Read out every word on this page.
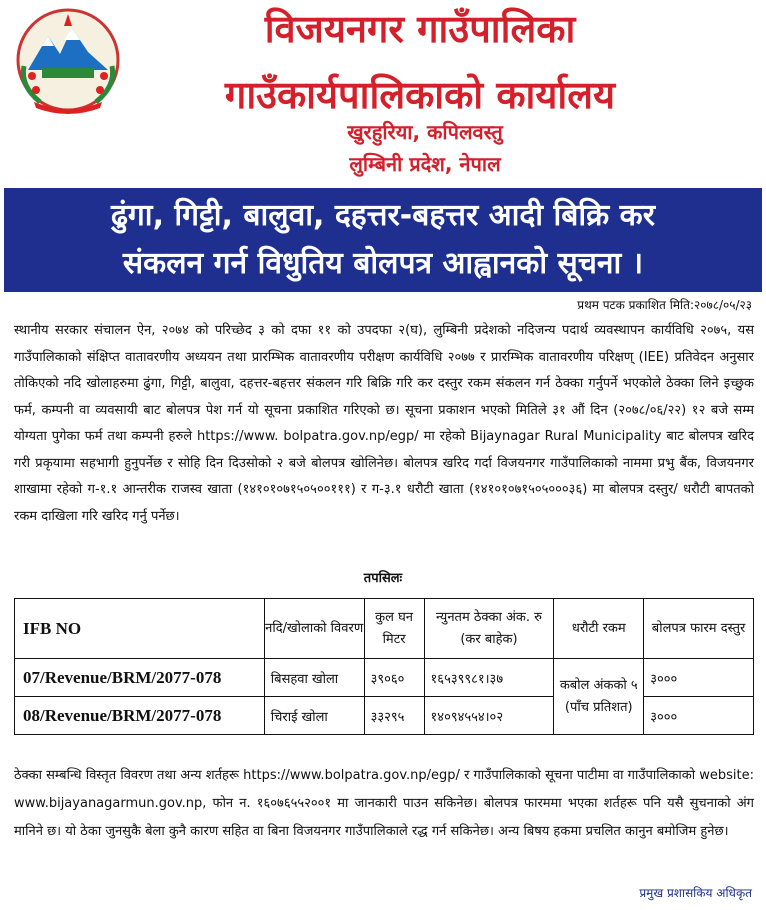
विजयनगर गाउँपालिका
गाउँकार्यपालिकाको कार्यालय
खुरहुरिया, कपिलवस्तु
लुम्बिनी प्रदेश, नेपाल
ढुंगा, गिट्टी, बालुवा, दहत्तर-बहत्तर आदी बिक्रि कर
संकलन गर्न विधुतिय बोलपत्र आह्वानको सूचना ।
प्रथम पटक प्रकाशित मिति:२०७८/०५/२३
स्थानीय सरकार संचालन ऐन, २०७४ को परिच्छेद ३ को दफा ११ को उपदफा २(घ), लुम्बिनी प्रदेशको नदिजन्य पदार्थ व्यवस्थापन कार्यविधि २०७५, यस गाउँपालिकाको संक्षिप्त वातावरणीय अध्ययन तथा प्रारम्भिक वातावरणीय परीक्षण कार्यविधि २०७७ र प्रारम्भिक वातावरणीय परिक्षण् (IEE) प्रतिवेदन अनुसार तोकिएको नदि खोलाहरुमा ढुंगा, गिट्टी, बालुवा, दहत्तर-बहत्तर संकलन गरि बिक्रि गरि कर दस्तुर रकम संकलन गर्न ठेक्का गर्नुपर्ने भएकोले ठेक्का लिने इच्छुक फर्म, कम्पनी वा व्यवसायी बाट बोलपत्र पेश गर्न यो सूचना प्रकाशित गरिएको छ। सूचना प्रकाशन भएको मितिले ३१ औं दिन (२०७८/०६/२२) १२ बजे सम्म योग्यता पुगेका फर्म तथा कम्पनी हरुले https://www. bolpatra.gov.np/egp/ मा रहेको Bijaynagar Rural Municipality बाट बोलपत्र खरिद गरी प्रकृयामा सहभागी हुनुपर्नेछ र सोहि दिन दिउसोको २ बजे बोलपत्र खोलिनेछ। बोलपत्र खरिद गर्दा विजयनगर गाउँपालिकाको नाममा प्रभु बैंक, विजयनगर शाखामा रहेको ग-१.१ आन्तरीक राजस्व खाता (१४१०१०७१५०५००१११) र ग-३.१ धरौटी खाता (१४१०१०७१५०५०००३६) मा बोलपत्र दस्तुर/ धरौटी बापतको रकम दाखिला गरि खरिद गर्नु पर्नेछ।
तपसिलः
IFB NO	नदि/खोलाको विवरण	कुल घन मिटर	न्युनतम ठेक्का अंक. रु (कर बाहेक)	धरौटी रकम	बोलपत्र फारम दस्तुर
07/Revenue/BRM/2077-078	बिसहवा खोला	३९०६०	१६५३९९८१।३७	कबोल अंकको ५ (पाँच प्रतिशत)	३०००
08/Revenue/BRM/2077-078	चिराई खोला	३३२९५	१४०९४५५४।०२		३०००
ठेक्का सम्बन्धि विस्तृत विवरण तथा अन्य शर्तहरू https://www.bolpatra.gov.np/egp/ र गाउँपालिकाको सूचना पाटीमा वा गाउँपालिकाको website: www.bijayanagarmun.gov.np, फोन न. १६०७६५५२००१ मा जानकारी पाउन सकिनेछ। बोलपत्र फारममा भएका शर्तहरू पनि यसै सुचनाको अंग मानिने छ। यो ठेका जुनसुकै बेला कुनै कारण सहित वा बिना विजयनगर गाउँपालिकाले रद्ध गर्न सकिनेछ। अन्य बिषय हकमा प्रचलित कानुन बमोजिम हुनेछ।
प्रमुख प्रशासकिय अधिकृत
